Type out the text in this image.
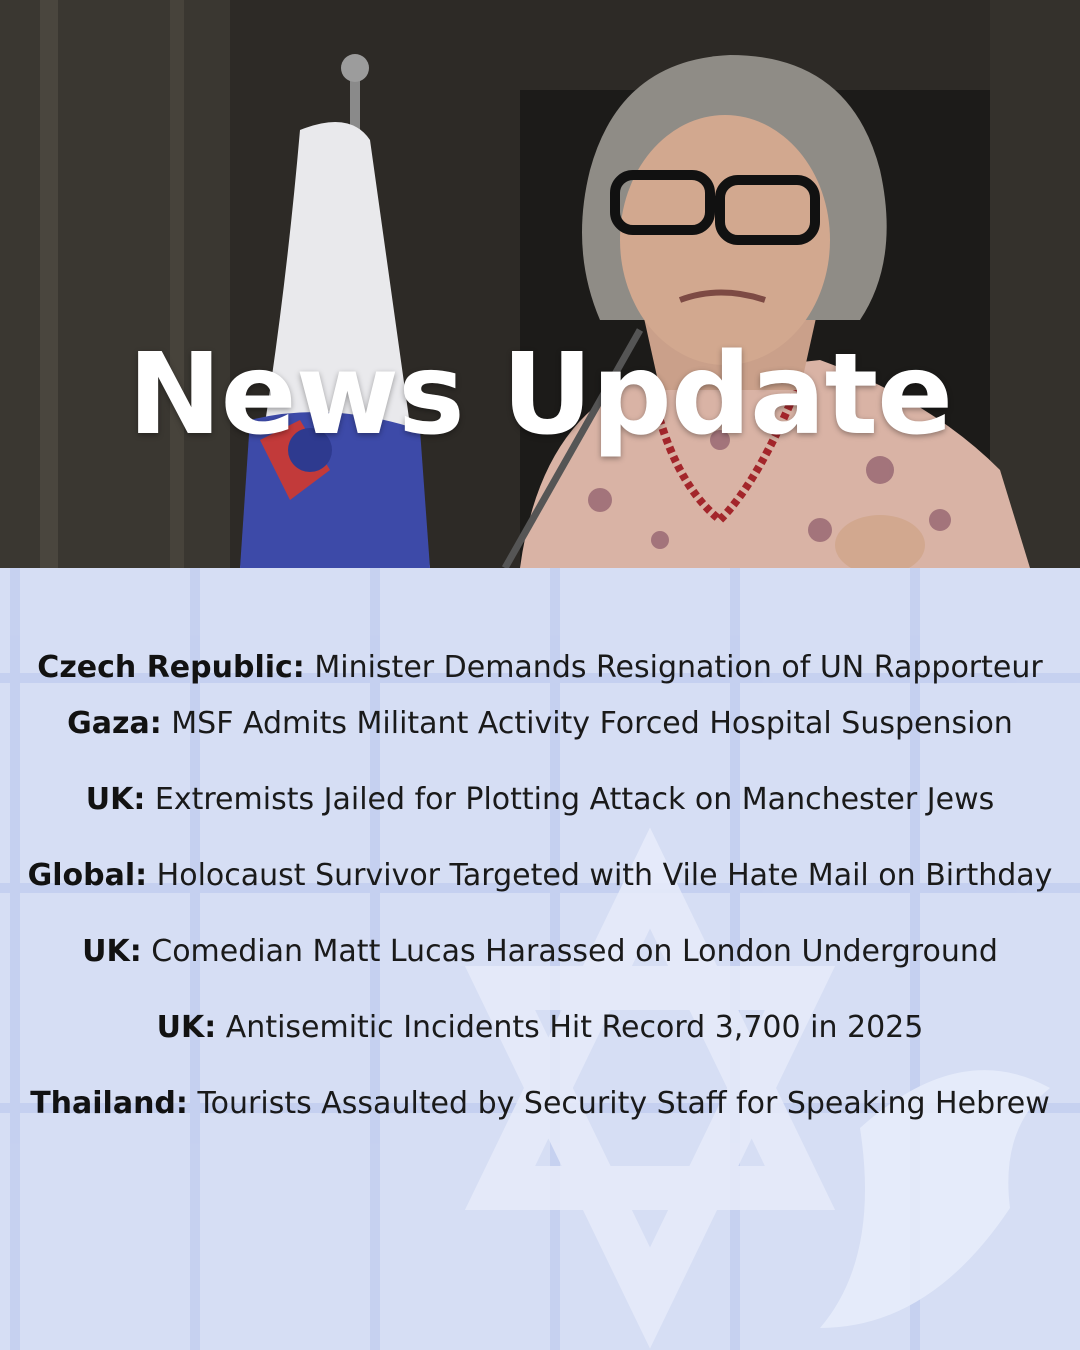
News Update
Czech Republic: Minister Demands Resignation of UN Rapporteur
Gaza: MSF Admits Militant Activity Forced Hospital Suspension
UK: Extremists Jailed for Plotting Attack on Manchester Jews
Global: Holocaust Survivor Targeted with Vile Hate Mail on Birthday
UK: Comedian Matt Lucas Harassed on London Underground
UK: Antisemitic Incidents Hit Record 3,700 in 2025
Thailand: Tourists Assaulted by Security Staff for Speaking Hebrew
